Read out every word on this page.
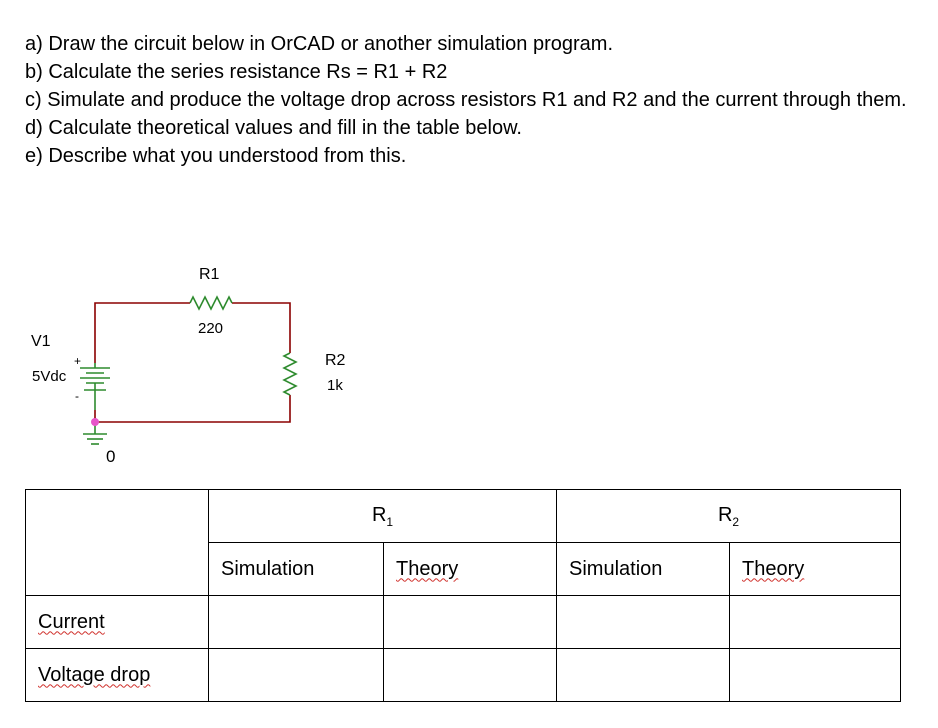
a) Draw the circuit below in OrCAD or another simulation program.

b) Calculate the series resistance Rs = R1 + R2

c) Simulate and produce the voltage drop across resistors R1 and R2 and the current through them.

d) Calculate theoretical values and fill in the table below.

e) Describe what you understood from this.

R1
220
R2
1k
V1
5Vdc
+
-
0
	$R_1$		$R_2$
	Simulation	Theory	Simulation	Theory
Current				
Voltage drop				
